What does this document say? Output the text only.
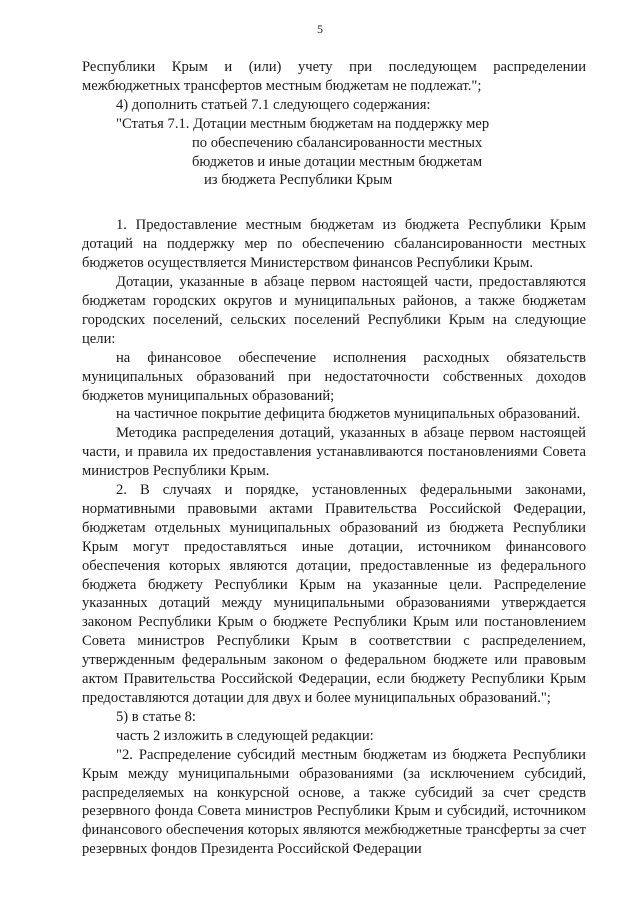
5

Республики Крым и (или) учету при последующем распределении межбюджетных трансфертов местным бюджетам не подлежат.";

4) дополнить статьей 7.1 следующего содержания:

"Статья 7.1. Дотации местным бюджетам на поддержку мер
по обеспечению сбалансированности местных
бюджетов и иные дотации местным бюджетам
из бюджета Республики Крым

1. Предоставление местным бюджетам из бюджета Республики Крым дотаций на поддержку мер по обеспечению сбалансированности местных бюджетов осуществляется Министерством финансов Республики Крым.

Дотации, указанные в абзаце первом настоящей части, предоставляются бюджетам городских округов и муниципальных районов, а также бюджетам городских поселений, сельских поселений Республики Крым на следующие цели:

на финансовое обеспечение исполнения расходных обязательств муниципальных образований при недостаточности собственных доходов бюджетов муниципальных образований;

на частичное покрытие дефицита бюджетов муниципальных образований.

Методика распределения дотаций, указанных в абзаце первом настоящей части, и правила их предоставления устанавливаются постановлениями Совета министров Республики Крым.

2. В случаях и порядке, установленных федеральными законами, нормативными правовыми актами Правительства Российской Федерации, бюджетам отдельных муниципальных образований из бюджета Республики Крым могут предоставляться иные дотации, источником финансового обеспечения которых являются дотации, предоставленные из федерального бюджета бюджету Республики Крым на указанные цели. Распределение указанных дотаций между муниципальными образованиями утверждается законом Республики Крым о бюджете Республики Крым или постановлением Совета министров Республики Крым в соответствии с распределением, утвержденным федеральным законом о федеральном бюджете или правовым актом Правительства Российской Федерации, если бюджету Республики Крым предоставляются дотации для двух и более муниципальных образований.";

5) в статье 8:

часть 2 изложить в следующей редакции:

"2. Распределение субсидий местным бюджетам из бюджета Республики Крым между муниципальными образованиями (за исключением субсидий, распределяемых на конкурсной основе, а также субсидий за счет средств резервного фонда Совета министров Республики Крым и субсидий, источником финансового обеспечения которых являются межбюджетные трансферты за счет резервных фондов Президента Российской Федерации
